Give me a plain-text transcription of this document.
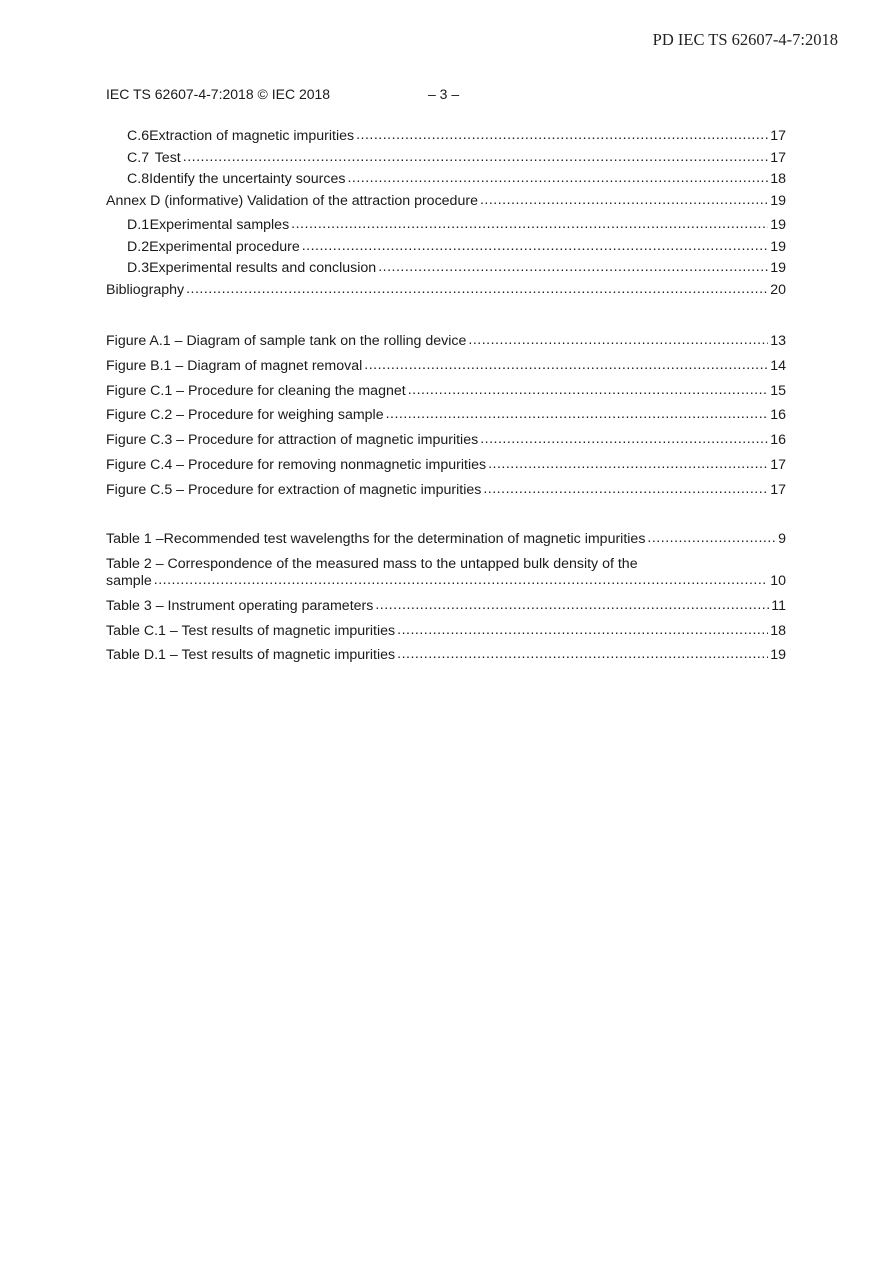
PD IEC TS 62607-4-7:2018
IEC TS 62607-4-7:2018 © IEC 2018	– 3 –
C.6 Extraction of magnetic impurities .....	17
C.7 Test .....	17
C.8 Identify the uncertainty sources .....	18
Annex D (informative) Validation of the attraction procedure .....	19
D.1 Experimental samples .....	19
D.2 Experimental procedure .....	19
D.3 Experimental results and conclusion .....	19
Bibliography .....	20
Figure A.1 – Diagram of sample tank on the rolling device .....	13
Figure B.1 – Diagram of magnet removal .....	14
Figure C.1 – Procedure for cleaning the magnet .....	15
Figure C.2 – Procedure for weighing sample .....	16
Figure C.3 – Procedure for attraction of magnetic impurities .....	16
Figure C.4 – Procedure for removing nonmagnetic impurities .....	17
Figure C.5 – Procedure for extraction of magnetic impurities .....	17
Table 1 –Recommended test wavelengths for the determination of magnetic impurities .....	9
Table 2 – Correspondence of the measured mass to the untapped bulk density of the
sample .....	10
Table 3 – Instrument operating parameters .....	11
Table C.1 – Test results of magnetic impurities .....	18
Table D.1 – Test results of magnetic impurities .....	19
